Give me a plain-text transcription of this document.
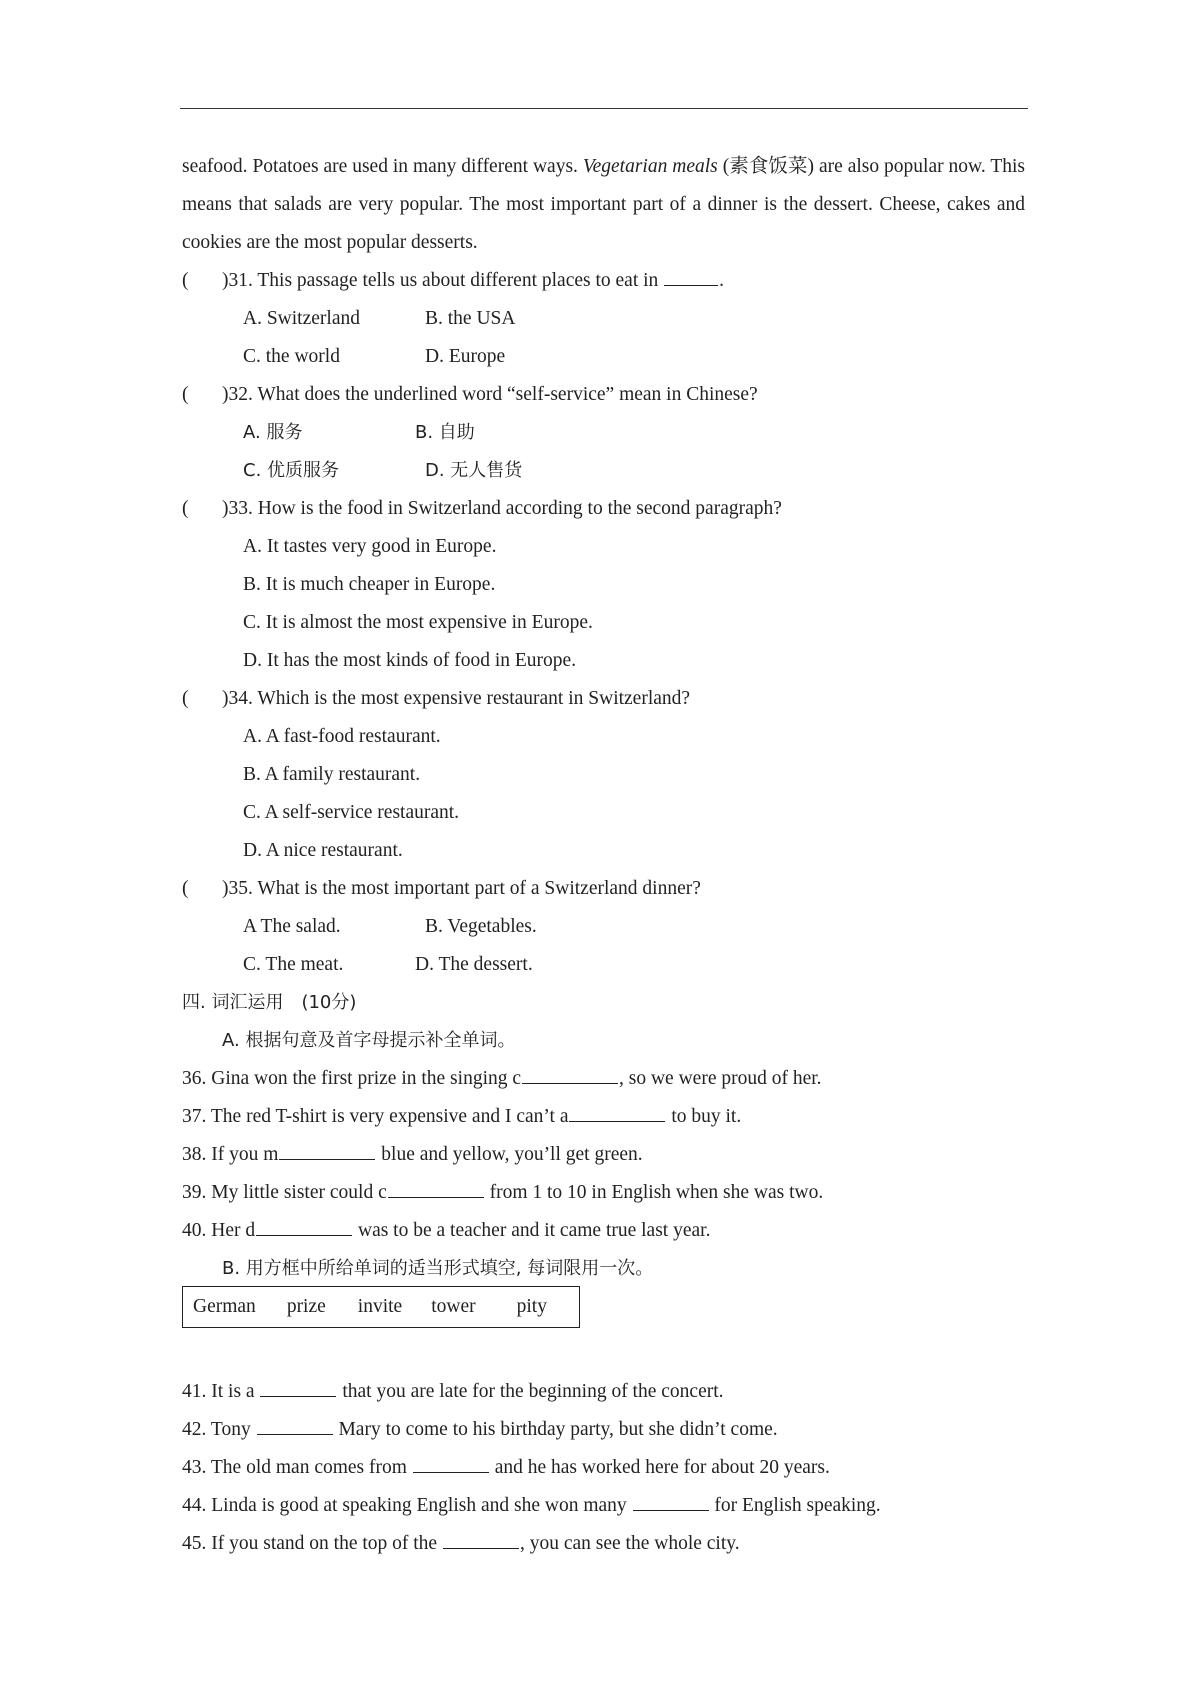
seafood. Potatoes are used in many different ways. Vegetarian meals (素食饭菜) are also popular now. This means that salads are very popular. The most important part of a dinner is the dessert. Cheese, cakes and cookies are the most popular desserts.

( )31. This passage tells us about different places to eat in	.
A. Switzerland	B. the USA
C. the world	D. Europe
( )32. What does the underlined word “self-service” mean in Chinese?
A. 服务	B. 自助
C. 优质服务	D. 无人售货
( )33. How is the food in Switzerland according to the second paragraph?
A. It tastes very good in Europe.
B. It is much cheaper in Europe.
C. It is almost the most expensive in Europe.
D. It has the most kinds of food in Europe.
( )34. Which is the most expensive restaurant in Switzerland?
A. A fast-food restaurant.
B. A family restaurant.
C. A self-service restaurant.
D. A nice restaurant.
( )35. What is the most important part of a Switzerland dinner?
A The salad.	B. Vegetables.
C. The meat.	D. The dessert.
四. 词汇运用　(10分)
A. 根据句意及首字母提示补全单词。
36. Gina won the first prize in the singing c	, so we were proud of her.
37. The red T-shirt is very expensive and I can’t a	to buy it.
38. If you m	blue and yellow, you’ll get green.
39. My little sister could c	from 1 to 10 in English when she was two.
40. Her d	was to be a teacher and it came true last year.
B. 用方框中所给单词的适当形式填空, 每词限用一次。
German prize invite tower pity
41. It is a	that you are late for the beginning of the concert.
42. Tony	Mary to come to his birthday party, but she didn’t come.
43. The old man comes from	and he has worked here for about 20 years.
44. Linda is good at speaking English and she won many	for English speaking.
45. If you stand on the top of the	, you can see the whole city.
